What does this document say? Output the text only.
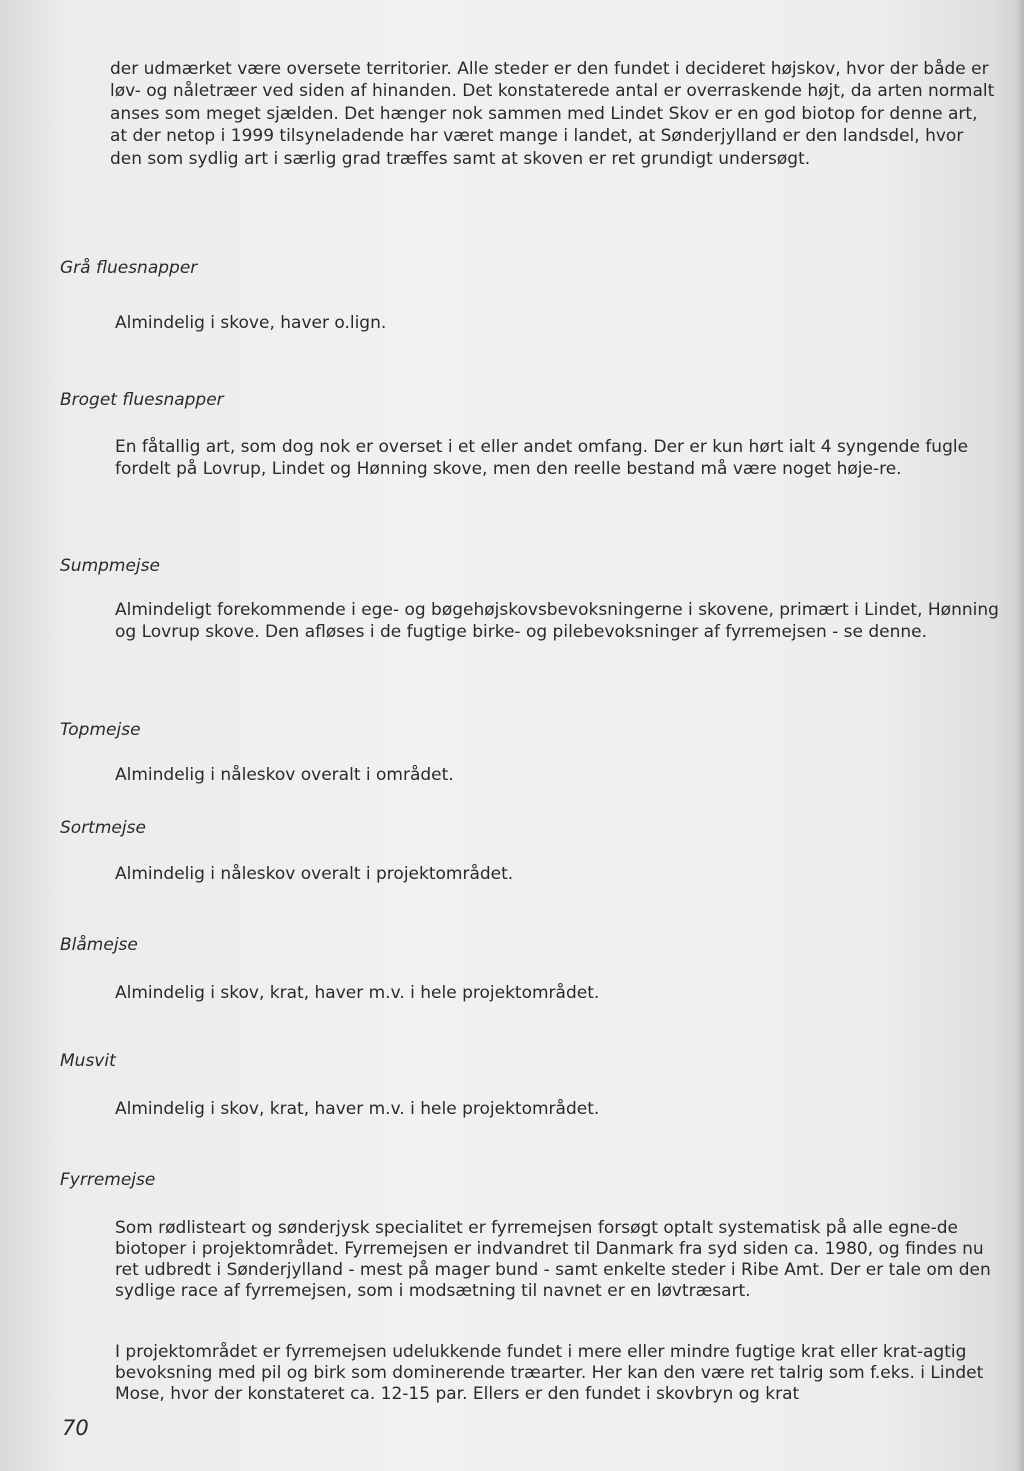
der udmærket være oversete territorier. Alle steder er den fundet i decideret højskov, hvor der både er løv- og nåletræer ved siden af hinanden. Det konstaterede antal er overraskende højt, da arten normalt anses som meget sjælden. Det hænger nok sammen med Lindet Skov er en god biotop for denne art, at der netop i 1999 tilsyneladende har været mange i landet, at Sønderjylland er den landsdel, hvor den som sydlig art i særlig grad træffes samt at skoven er ret grundigt undersøgt.

Grå fluesnapper

Almindelig i skove, haver o.lign.

Broget fluesnapper

En fåtallig art, som dog nok er overset i et eller andet omfang. Der er kun hørt ialt 4 syngende fugle fordelt på Lovrup, Lindet og Hønning skove, men den reelle bestand må være noget høje-re.

Sumpmejse

Almindeligt forekommende i ege- og bøgehøjskovsbevoksningerne i skovene, primært i Lindet, Hønning og Lovrup skove. Den afløses i de fugtige birke- og pilebevoksninger af fyrremejsen - se denne.

Topmejse

Almindelig i nåleskov overalt i området.

Sortmejse

Almindelig i nåleskov overalt i projektområdet.

Blåmejse

Almindelig i skov, krat, haver m.v. i hele projektområdet.

Musvit

Almindelig i skov, krat, haver m.v. i hele projektområdet.

Fyrremejse

Som rødlisteart og sønderjysk specialitet er fyrremejsen forsøgt optalt systematisk på alle egne-de biotoper i projektområdet. Fyrremejsen er indvandret til Danmark fra syd siden ca. 1980, og findes nu ret udbredt i Sønderjylland - mest på mager bund - samt enkelte steder i Ribe Amt. Der er tale om den sydlige race af fyrremejsen, som i modsætning til navnet er en løvtræsart.

I projektområdet er fyrremejsen udelukkende fundet i mere eller mindre fugtige krat eller krat-agtig bevoksning med pil og birk som dominerende træarter. Her kan den være ret talrig som f.eks. i Lindet Mose, hvor der konstateret ca. 12-15 par. Ellers er den fundet i skovbryn og krat

70
